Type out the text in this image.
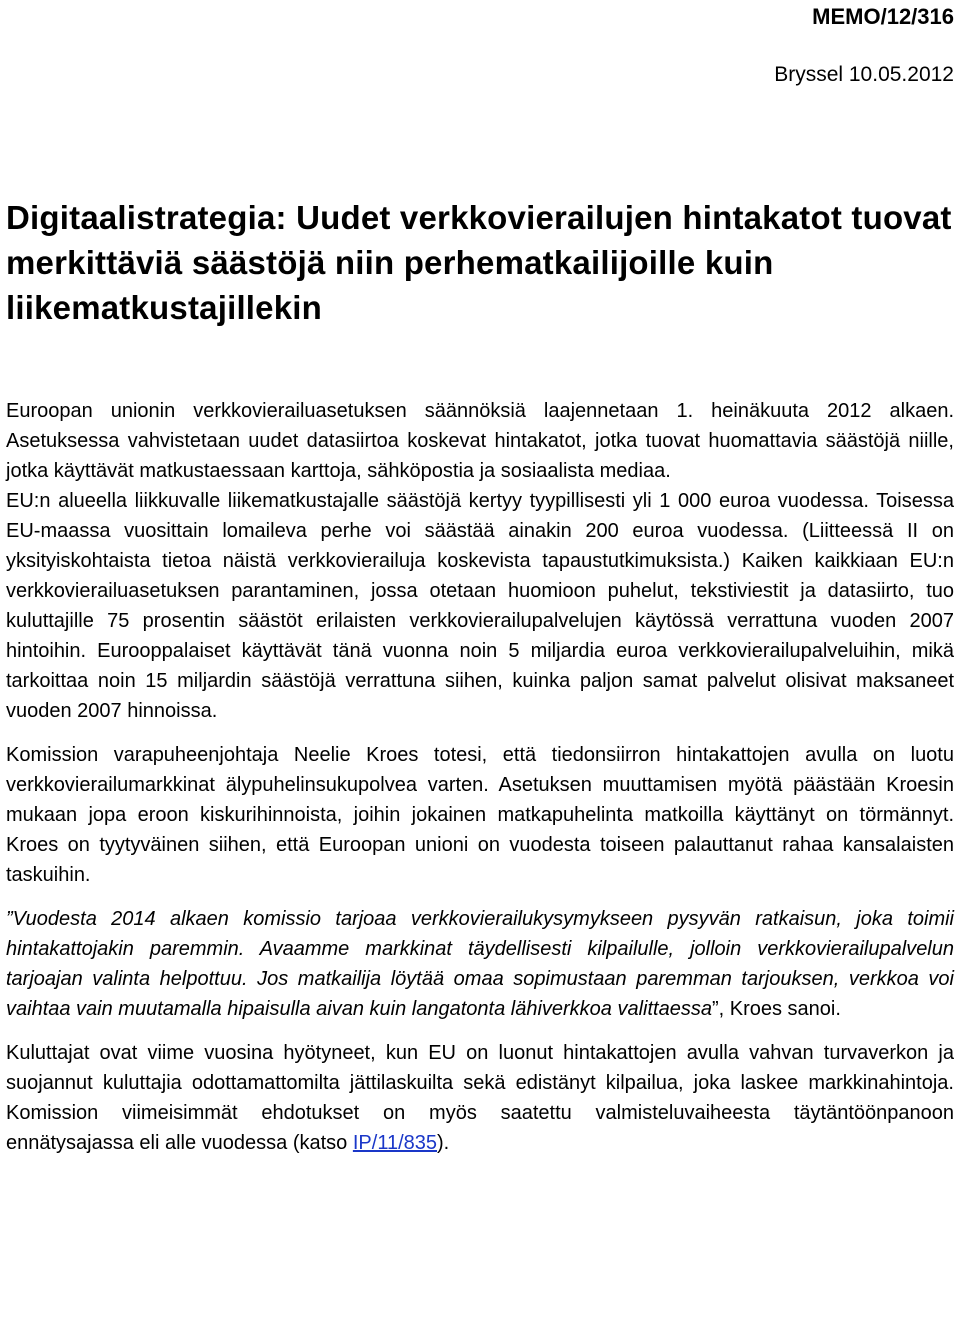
MEMO/12/316
Bryssel 10.05.2012
Digitaalistrategia: Uudet verkkovierailujen hintakatot tuovat merkittäviä säästöjä niin perhematkailijoille kuin liikematkustajillekin

Euroopan unionin verkkovierailuasetuksen säännöksiä laajennetaan 1. heinäkuuta 2012 alkaen. Asetuksessa vahvistetaan uudet datasiirtoa koskevat hintakatot, jotka tuovat huomattavia säästöjä niille, jotka käyttävät matkustaessaan karttoja, sähköpostia ja sosiaalista mediaa.
EU:n alueella liikkuvalle liikematkustajalle säästöjä kertyy tyypillisesti yli 1 000 euroa vuodessa. Toisessa EU-maassa vuosittain lomaileva perhe voi säästää ainakin 200 euroa vuodessa. (Liitteessä II on yksityiskohtaista tietoa näistä verkkovierailuja koskevista tapaustutkimuksista.) Kaiken kaikkiaan EU:n verkkovierailuasetuksen parantaminen, jossa otetaan huomioon puhelut, tekstiviestit ja datasiirto, tuo kuluttajille 75 prosentin säästöt erilaisten verkkovierailupalvelujen käytössä verrattuna vuoden 2007 hintoihin. Eurooppalaiset käyttävät tänä vuonna noin 5 miljardia euroa verkkovierailupalveluihin, mikä tarkoittaa noin 15 miljardin säästöjä verrattuna siihen, kuinka paljon samat palvelut olisivat maksaneet vuoden 2007 hinnoissa.

Komission varapuheenjohtaja Neelie Kroes totesi, että tiedonsiirron hintakattojen avulla on luotu verkkovierailumarkkinat älypuhelinsukupolvea varten. Asetuksen muuttamisen myötä päästään Kroesin mukaan jopa eroon kiskurihinnoista, joihin jokainen matkapuhelinta matkoilla käyttänyt on törmännyt. Kroes on tyytyväinen siihen, että Euroopan unioni on vuodesta toiseen palauttanut rahaa kansalaisten taskuihin.

”Vuodesta 2014 alkaen komissio tarjoaa verkkovierailukysymykseen pysyvän ratkaisun, joka toimii hintakattojakin paremmin. Avaamme markkinat täydellisesti kilpailulle, jolloin verkkovierailupalvelun tarjoajan valinta helpottuu. Jos matkailija löytää omaa sopimustaan paremman tarjouksen, verkkoa voi vaihtaa vain muutamalla hipaisulla aivan kuin langatonta lähiverkkoa valittaessa”, Kroes sanoi.

Kuluttajat ovat viime vuosina hyötyneet, kun EU on luonut hintakattojen avulla vahvan turvaverkon ja suojannut kuluttajia odottamattomilta jättilaskuilta sekä edistänyt kilpailua, joka laskee markkinahintoja. Komission viimeisimmät ehdotukset on myös saatettu valmisteluvaiheesta täytäntöönpanoon ennätysajassa eli alle vuodessa (katso IP/11/835).
